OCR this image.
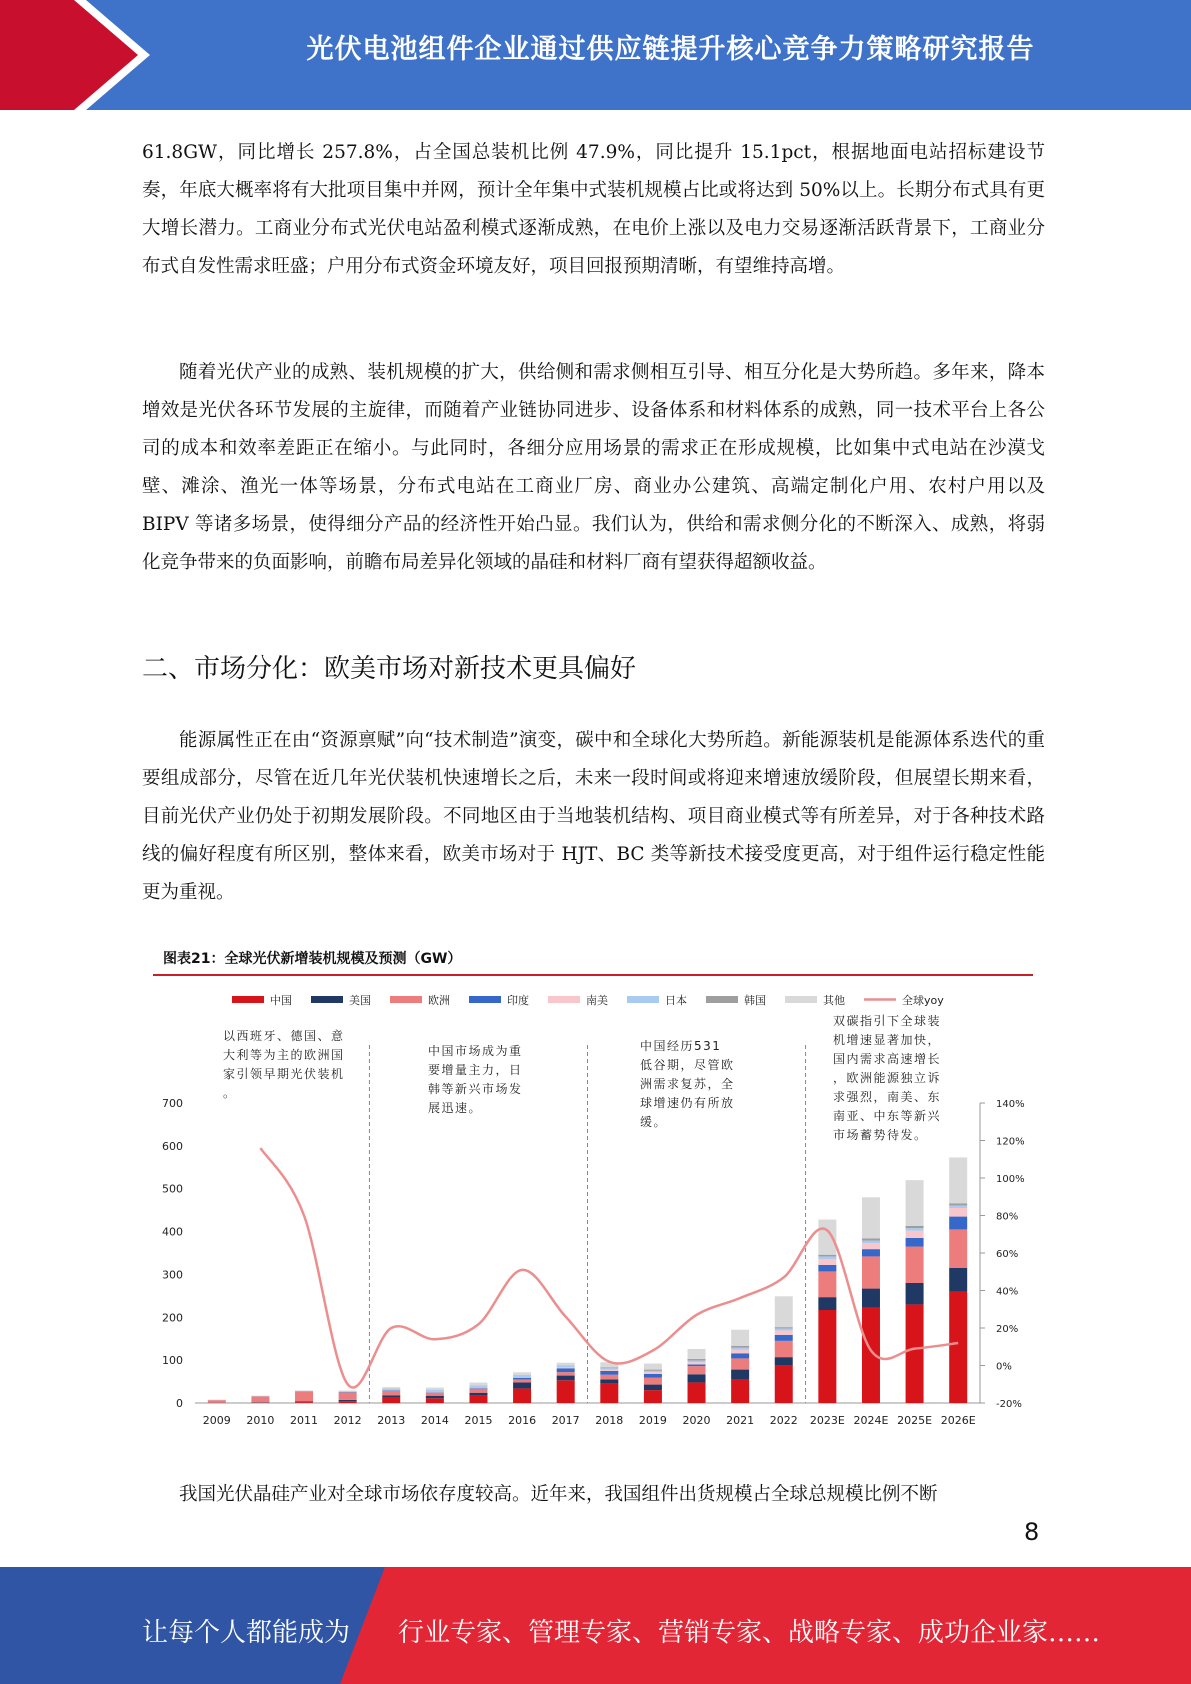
光伏电池组件企业通过供应链提升核心竞争力策略研究报告

61.8GW，同比增长 257.8%，占全国总装机比例 47.9%，同比提升 15.1pct，根据地面电站招标建设节奏，年底大概率将有大批项目集中并网，预计全年集中式装机规模占比或将达到 50%以上。长期分布式具有更大增长潜力。工商业分布式光伏电站盈利模式逐渐成熟，在电价上涨以及电力交易逐渐活跃背景下，工商业分布式自发性需求旺盛；户用分布式资金环境友好，项目回报预期清晰，有望维持高增。

随着光伏产业的成熟、装机规模的扩大，供给侧和需求侧相互引导、相互分化是大势所趋。多年来，降本增效是光伏各环节发展的主旋律，而随着产业链协同进步、设备体系和材料体系的成熟，同一技术平台上各公司的成本和效率差距正在缩小。与此同时，各细分应用场景的需求正在形成规模，比如集中式电站在沙漠戈壁、滩涂、渔光一体等场景，分布式电站在工商业厂房、商业办公建筑、高端定制化户用、农村户用以及 BIPV 等诸多场景，使得细分产品的经济性开始凸显。我们认为，供给和需求侧分化的不断深入、成熟，将弱化竞争带来的负面影响，前瞻布局差异化领域的晶硅和材料厂商有望获得超额收益。

二、市场分化：欧美市场对新技术更具偏好

能源属性正在由“资源禀赋”向“技术制造”演变，碳中和全球化大势所趋。新能源装机是能源体系迭代的重要组成部分，尽管在近几年光伏装机快速增长之后，未来一段时间或将迎来增速放缓阶段，但展望长期来看，目前光伏产业仍处于初期发展阶段。不同地区由于当地装机结构、项目商业模式等有所差异，对于各种技术路线的偏好程度有所区别，整体来看，欧美市场对于 HJT、BC 类等新技术接受度更高，对于组件运行稳定性能更为重视。

图表21：全球光伏新增装机规模及预测（GW）
中国	美国	欧洲	印度	南美	日本	韩国	其他	全球yoy
0
100
200
300
400
500
600
700
-20%
0%
20%
40%
60%
80%
100%
120%
140%
2009 2010 2011 2012 2013 2014 2015 2016 2017 2018 2019 2020 2021 2022 2023E 2024E 2025E 2026E
以西班牙、德国、意
大利等为主的欧洲国
家引领早期光伏装机
。
中国市场成为重
要增量主力，日
韩等新兴市场发
展迅速。
中国经历531
低谷期，尽管欧
洲需求复苏，全
球增速仍有所放
缓。
双碳指引下全球装
机增速显著加快，
国内需求高速增长
，欧洲能源独立诉
求强烈，南美、东
南亚、中东等新兴
市场蓄势待发。

我国光伏晶硅产业对全球市场依存度较高。近年来，我国组件出货规模占全球总规模比例不断

8
让每个人都能成为 行业专家、管理专家、营销专家、战略专家、成功企业家……
